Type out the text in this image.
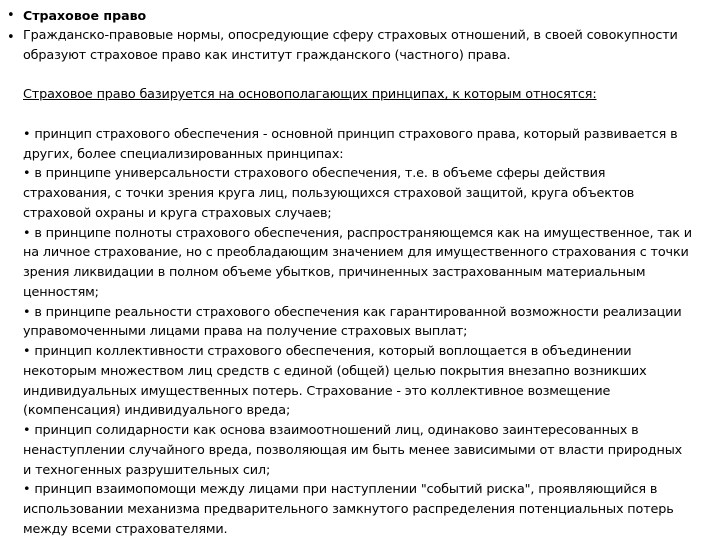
• Страховое право
• Гражданско-правовые нормы, опосредующие сферу страховых отношений, в своей совокупности

образуют страховое право как институт гражданского (частного) права.

Страховое право базируется на основополагающих принципах, к которым относятся:

• принцип страхового обеспечения - основной принцип страхового права, который развивается в

других, более специализированных принципах:

• в принципе универсальности страхового обеспечения, т.е. в объеме сферы действия

страхования, с точки зрения круга лиц, пользующихся страховой защитой, круга объектов

страховой охраны и круга страховых случаев;

• в принципе полноты страхового обеспечения, распространяющемся как на имущественное, так и

на личное страхование, но с преобладающим значением для имущественного страхования с точки

зрения ликвидации в полном объеме убытков, причиненных застрахованным материальным

ценностям;

• в принципе реальности страхового обеспечения как гарантированной возможности реализации

управомоченными лицами права на получение страховых выплат;

• принцип коллективности страхового обеспечения, который воплощается в объединении

некоторым множеством лиц средств с единой (общей) целью покрытия внезапно возникших

индивидуальных имущественных потерь. Страхование - это коллективное возмещение

(компенсация) индивидуального вреда;

• принцип солидарности как основа взаимоотношений лиц, одинаково заинтересованных в

ненаступлении случайного вреда, позволяющая им быть менее зависимыми от власти природных

и техногенных разрушительных сил;

• принцип взаимопомощи между лицами при наступлении "событий риска", проявляющийся в

использовании механизма предварительного замкнутого распределения потенциальных потерь

между всеми страхователями.
